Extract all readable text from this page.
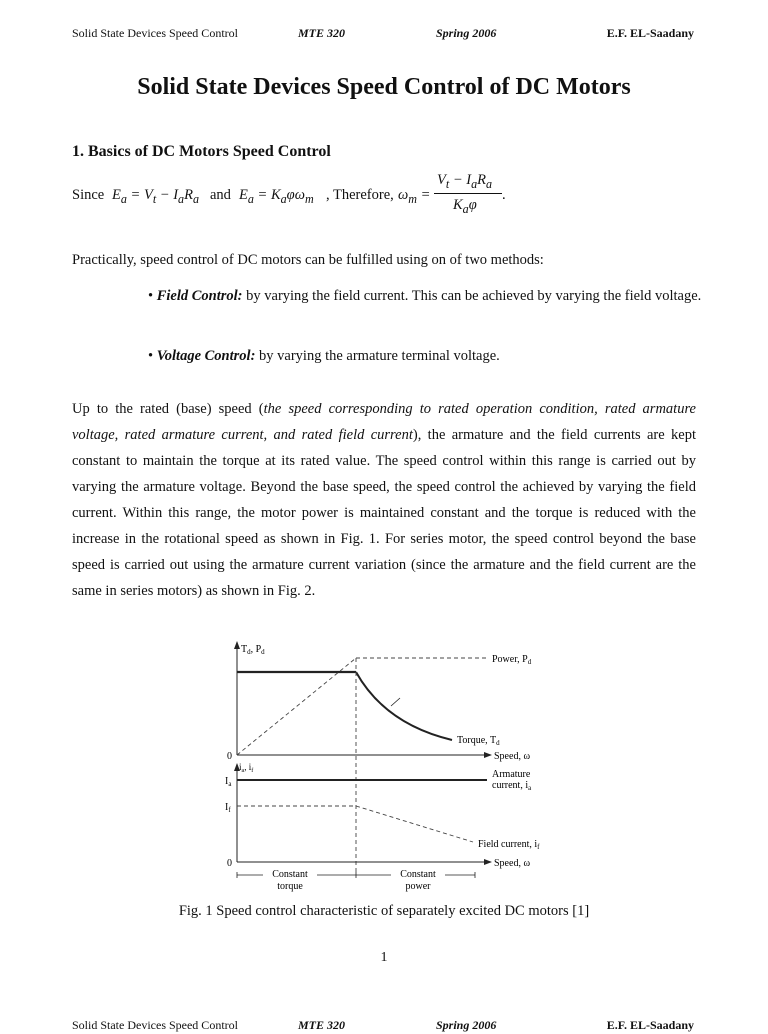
Solid State Devices Speed Control	MTE 320	Spring 2006	E.F. EL-Saadany
Solid State Devices Speed Control of DC Motors
1. Basics of DC Motors Speed Control
Since $E_a = V_t - I_aR_a$ and $E_a = K_a\varphi\omega_m$ , Therefore, $\omega_m$ =
$V_t - I_aR_a$
$K_a\varphi$
.
Practically, speed control of DC motors can be fulfilled using on of two methods:
• Field Control: by varying the field current. This can be achieved by varying the field voltage.
• Voltage Control: by varying the armature terminal voltage.
Up to the rated (base) speed (the speed corresponding to rated operation condition, rated armature voltage, rated armature current, and rated field current), the armature and the field currents are kept constant to maintain the torque at its rated value. The speed control within this range is carried out by varying the armature voltage. Beyond the base speed, the speed control the achieved by varying the field current. Within this range, the motor power is maintained constant and the torque is reduced with the increase in the rotational speed as shown in Fig. 1. For series motor, the speed control beyond the base speed is carried out using the armature current variation (since the armature and the field current are the same in series motors) as shown in Fig. 2.
$T_d$, $P_d$
0
Power, $P_d$
Torque, $T_d$
Speed, ω
$i_a$, $i_f$
$I_a$
$I_f$
0
Armature
current, $i_a$
Field current, $i_f$
Speed, ω
Constant
torque
Constant
power
Fig. 1 Speed control characteristic of separately excited DC motors [1]
1
Solid State Devices Speed Control	MTE 320	Spring 2006	E.F. EL-Saadany
